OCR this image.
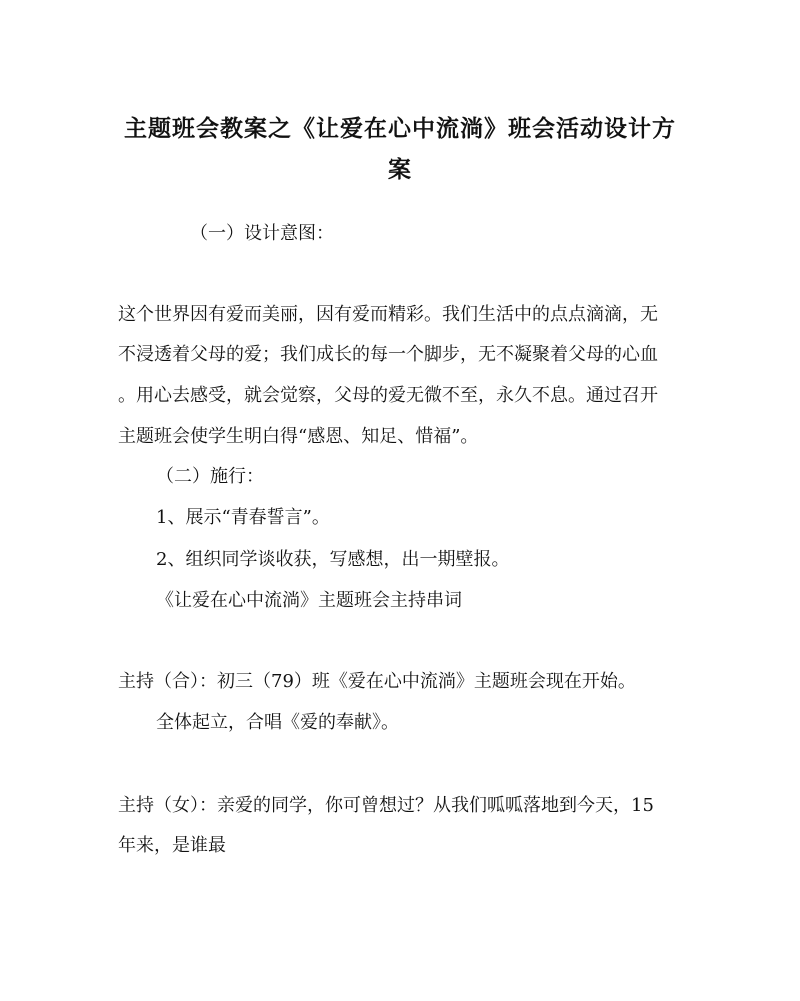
主题班会教案之《让爱在心中流淌》班会活动设计方
案
（一）设计意图：
这个世界因有爱而美丽，因有爱而精彩。我们生活中的点点滴滴，无
不浸透着父母的爱；我们成长的每一个脚步，无不凝聚着父母的心血
。用心去感受，就会觉察，父母的爱无微不至，永久不息。通过召开
主题班会使学生明白得“感恩、知足、惜福”。
（二）施行：
1、展示“青春誓言”。
2、组织同学谈收获，写感想，出一期壁报。
《让爱在心中流淌》主题班会主持串词
主持（合）：初三（79）班《爱在心中流淌》主题班会现在开始。
全体起立，合唱《爱的奉献》。
主持（女）：亲爱的同学，你可曾想过？从我们呱呱落地到今天，15
年来，是谁最
